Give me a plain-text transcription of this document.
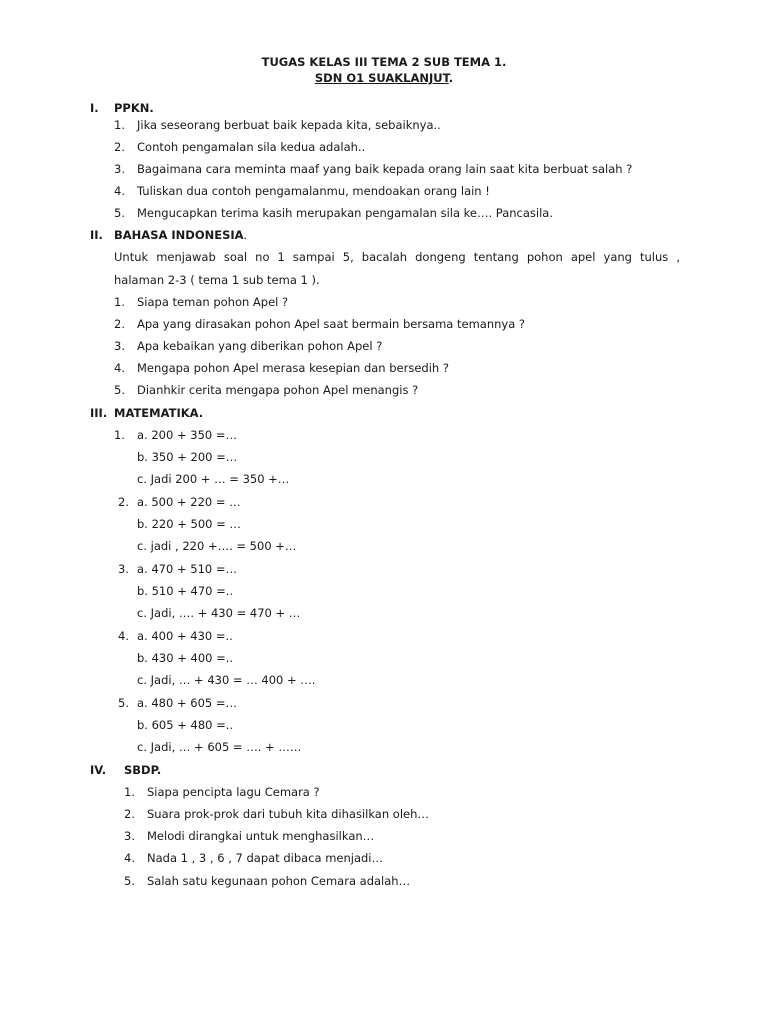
TUGAS KELAS III TEMA 2 SUB TEMA 1.
SDN O1 SUAKLANJUT.
I. PPKN.
1. Jika seseorang berbuat baik kepada kita, sebaiknya..
2. Contoh pengamalan sila kedua adalah..
3. Bagaimana cara meminta maaf yang baik kepada orang lain saat kita berbuat salah ?
4. Tuliskan dua contoh pengamalanmu, mendoakan orang lain !
5. Mengucapkan terima kasih merupakan pengamalan sila ke…. Pancasila.
II. BAHASA INDONESIA.
Untuk menjawab soal no 1 sampai 5, bacalah dongeng tentang pohon apel yang tulus ,
halaman 2-3 ( tema 1 sub tema 1 ).
1. Siapa teman pohon Apel ?
2. Apa yang dirasakan pohon Apel saat bermain bersama temannya ?
3. Apa kebaikan yang diberikan pohon Apel ?
4. Mengapa pohon Apel merasa kesepian dan bersedih ?
5. Dianhkir cerita mengapa pohon Apel menangis ?
III. MATEMATIKA.
1. a. 200 + 350 =…
b. 350 + 200 =…
c. Jadi 200 + … = 350 +…
2. a. 500 + 220 = …
b. 220 + 500 = …
c. jadi , 220 +…. = 500 +…
3. a. 470 + 510 =…
b. 510 + 470 =..
c. Jadi, …. + 430 = 470 + …
4. a. 400 + 430 =..
b. 430 + 400 =..
c. Jadi, … + 430 = … 400 + ….
5. a. 480 + 605 =…
b. 605 + 480 =..
c. Jadi, … + 605 = …. + ……
IV. SBDP.
1. Siapa pencipta lagu Cemara ?
2. Suara prok-prok dari tubuh kita dihasilkan oleh…
3. Melodi dirangkai untuk menghasilkan…
4. Nada 1 , 3 , 6 , 7 dapat dibaca menjadi…
5. Salah satu kegunaan pohon Cemara adalah…
